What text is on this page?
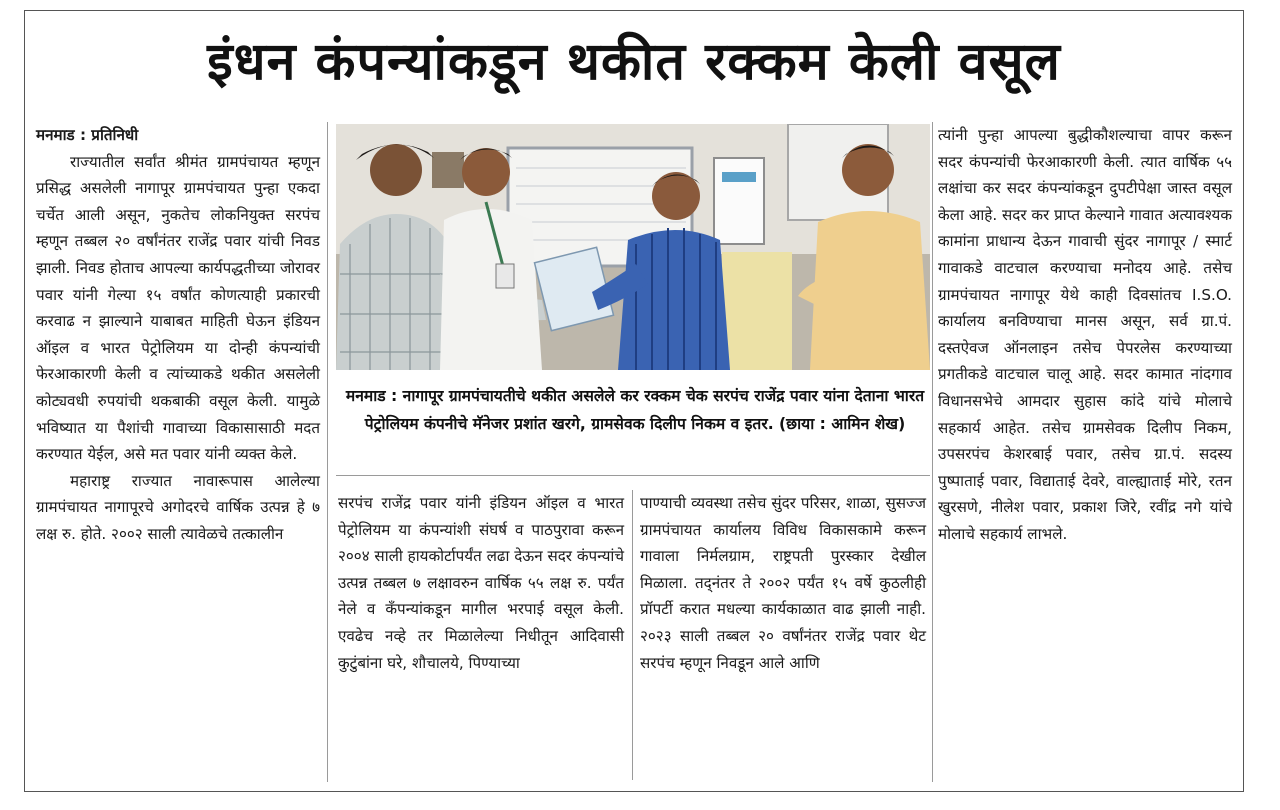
इंधन कंपन्यांकडून थकीत रक्कम केली वसूल

मनमाड : प्रतिनिधी

राज्यातील सर्वांत श्रीमंत ग्रामपंचायत म्हणून प्रसिद्ध असलेली नागापूर ग्रामपंचायत पुन्हा एकदा चर्चेत आली असून, नुकतेच लोकनियुक्त सरपंच म्हणून तब्बल २० वर्षांनंतर राजेंद्र पवार यांची निवड झाली. निवड होताच आपल्या कार्यपद्धतीच्या जोरावर पवार यांनी गेल्या १५ वर्षांत कोणत्याही प्रकारची करवाढ न झाल्याने याबाबत माहिती घेऊन इंडियन ऑइल व भारत पेट्रोलियम या दोन्ही कंपन्यांची फेरआकारणी केली व त्यांच्याकडे थकीत असलेली कोट्यवधी रुपयांची थकबाकी वसूल केली. यामुळे भविष्यात या पैशांची गावाच्या विकासासाठी मदत करण्यात येईल, असे मत पवार यांनी व्यक्त केले.

महाराष्ट्र राज्यात नावारूपास आलेल्या ग्रामपंचायत नागापूरचे अगोदरचे वार्षिक उत्पन्न हे ७ लक्ष रु. होते. २००२ साली त्यावेळचे तत्कालीन

मनमाड : नागापूर ग्रामपंचायतीचे थकीत असलेले कर रक्कम चेक सरपंच राजेंद्र पवार यांना देताना भारत पेट्रोलियम कंपनीचे मॅनेजर प्रशांत खरगे, ग्रामसेवक दिलीप निकम व इतर. (छाया : आमिन शेख)

सरपंच राजेंद्र पवार यांनी इंडियन ऑइल व भारत पेट्रोलियम या कंपन्यांशी संघर्ष व पाठपुरावा करून २००४ साली हायकोर्टापर्यंत लढा देऊन सदर कंपन्यांचे उत्पन्न तब्बल ७ लक्षावरुन वार्षिक ५५ लक्ष रु. पर्यंत नेले व कँपन्यांकडून मागील भरपाई वसूल केली. एवढेच नव्हे तर मिळालेल्या निधीतून आदिवासी कुटुंबांना घरे, शौचालये, पिण्याच्या

पाण्याची व्यवस्था तसेच सुंदर परिसर, शाळा, सुसज्ज ग्रामपंचायत कार्यालय विविध विकासकामे करून गावाला निर्मलग्राम, राष्ट्रपती पुरस्कार देखील मिळाला. तद्नंतर ते २००२ पर्यंत १५ वर्षे कुठलीही प्रॉपर्टी करात मधल्या कार्यकाळात वाढ झाली नाही. २०२३ साली तब्बल २० वर्षांनंतर राजेंद्र पवार थेट सरपंच म्हणून निवडून आले आणि

त्यांनी पुन्हा आपल्या बुद्धीकौशल्याचा वापर करून सदर कंपन्यांची फेरआकारणी केली. त्यात वार्षिक ५५ लक्षांचा कर सदर कंपन्यांकडून दुपटीपेक्षा जास्त वसूल केला आहे. सदर कर प्राप्त केल्याने गावात अत्यावश्यक कामांना प्राधान्य देऊन गावाची सुंदर नागापूर / स्मार्ट गावाकडे वाटचाल करण्याचा मनोदय आहे. तसेच ग्रामपंचायत नागापूर येथे काही दिवसांतच I.S.O. कार्यालय बनविण्याचा मानस असून, सर्व ग्रा.पं. दस्तऐवज ऑनलाइन तसेच पेपरलेस करण्याच्या प्रगतीकडे वाटचाल चालू आहे. सदर कामात नांदगाव विधानसभेचे आमदार सुहास कांदे यांचे मोलाचे सहकार्य आहेत. तसेच ग्रामसेवक दिलीप निकम, उपसरपंच केशरबाई पवार, तसेच ग्रा.पं. सदस्य पुष्पाताई पवार, विद्याताई देवरे, वाल्ह्याताई मोरे, रतन खुरसणे, नीलेश पवार, प्रकाश जिरे, रवींद्र नगे यांचे मोलाचे सहकार्य लाभले.
